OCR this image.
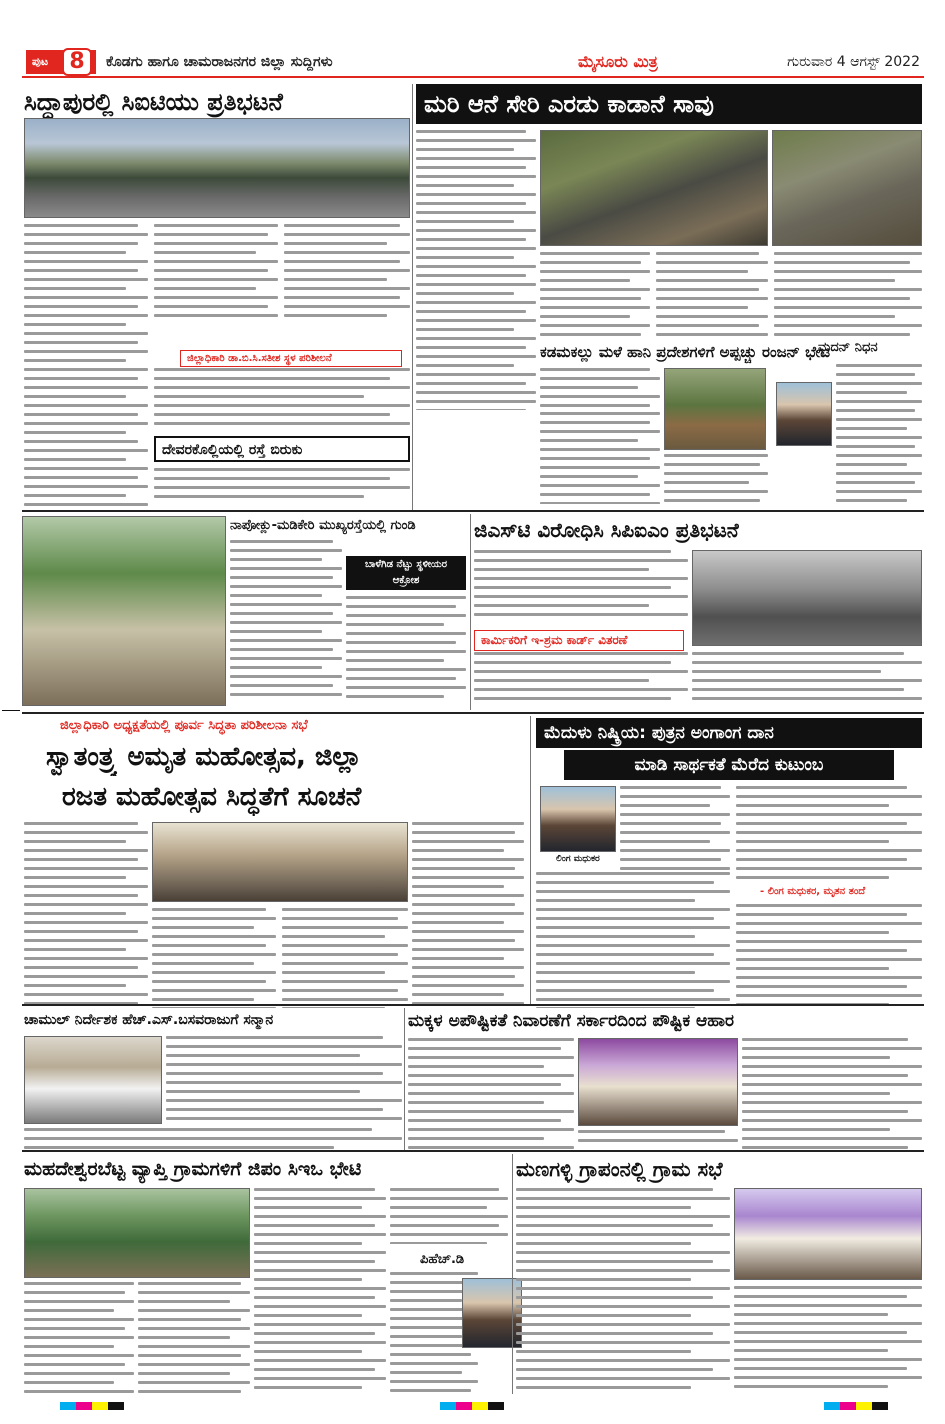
ಪುಟ 8	ಕೊಡಗು ಹಾಗೂ ಚಾಮರಾಜನಗರ ಜಿಲ್ಲಾ ಸುದ್ದಿಗಳು	ಮೈಸೂರು ಮಿತ್ರ	ಗುರುವಾರ 4 ಆಗಸ್ಟ್ 2022
ಸಿದ್ದಾಪುರಲ್ಲಿ ಸಿಐಟಿಯು ಪ್ರತಿಭಟನೆ
ಜಿಲ್ಲಾಧಿಕಾರಿ ಡಾ.ಬಿ.ಸಿ.ಸತೀಶ ಸ್ಥಳ ಪರಿಶೀಲನೆ
ಮರಿ ಆನೆ ಸೇರಿ ಎರಡು ಕಾಡಾನೆ ಸಾವು
ಕಡಮಕಲ್ಲು ಮಳೆ ಹಾನಿ ಪ್ರದೇಶಗಳಿಗೆ ಅಪ್ಪಚ್ಚು ರಂಜನ್ ಭೇಟಿ
ದೇವರಕೊಲ್ಲಿಯಲ್ಲಿ ರಸ್ತೆ ಬಿರುಕು
ಮದನ್ ನಿಧನ
ನಾಪೋಕ್ಲು-ಮಡಿಕೇರಿ ಮುಖ್ಯರಸ್ತೆಯಲ್ಲಿ ಗುಂಡಿ
ಬಾಳೆಗಿಡ ನೆಟ್ಟು ಸ್ಥಳೀಯರ ಆಕ್ರೋಶ
ಜಿಎಸ್‌ಟಿ ವಿರೋಧಿಸಿ ಸಿಪಿಐಎಂ ಪ್ರತಿಭಟನೆ
ಕಾರ್ಮಿಕರಿಗೆ ಇ-ಶ್ರಮ ಕಾರ್ಡ್ ವಿತರಣೆ
ಜಿಲ್ಲಾಧಿಕಾರಿ ಅಧ್ಯಕ್ಷತೆಯಲ್ಲಿ ಪೂರ್ವ ಸಿದ್ಧತಾ ಪರಿಶೀಲನಾ ಸಭೆ
ಸ್ವಾತಂತ್ರ್ಯ ಅಮೃತ ಮಹೋತ್ಸವ, ಜಿಲ್ಲಾ
ರಜತ ಮಹೋತ್ಸವ ಸಿದ್ಧತೆಗೆ ಸೂಚನೆ
ಮೆದುಳು ನಿಷ್ಕ್ರಿಯ: ಪುತ್ರನ ಅಂಗಾಂಗ ದಾನ
ಮಾಡಿ ಸಾರ್ಥಕತೆ ಮೆರೆದ ಕುಟುಂಬ
ಲಿಂಗ ಮಧುಕರ
- ಲಿಂಗ ಮಧುಕರ, ಮೃತನ ತಂದೆ
ಚಾಮುಲ್ ನಿರ್ದೇಶಕ ಹೆಚ್.ಎಸ್.ಬಸವರಾಜುಗೆ ಸನ್ಮಾನ	ಮಕ್ಕಳ ಅಪೌಷ್ಟಿಕತೆ ನಿವಾರಣೆಗೆ ಸರ್ಕಾರದಿಂದ ಪೌಷ್ಟಿಕ ಆಹಾರ
ಮಹದೇಶ್ವರಬೆಟ್ಟ ವ್ಯಾಪ್ತಿ ಗ್ರಾಮಗಳಿಗೆ ಜಿಪಂ ಸಿಇಒ ಭೇಟಿ
ಪಿಹೆಚ್.ಡಿ
ಮಣಗಳ್ಳಿ ಗ್ರಾಪಂನಲ್ಲಿ ಗ್ರಾಮ ಸಭೆ
